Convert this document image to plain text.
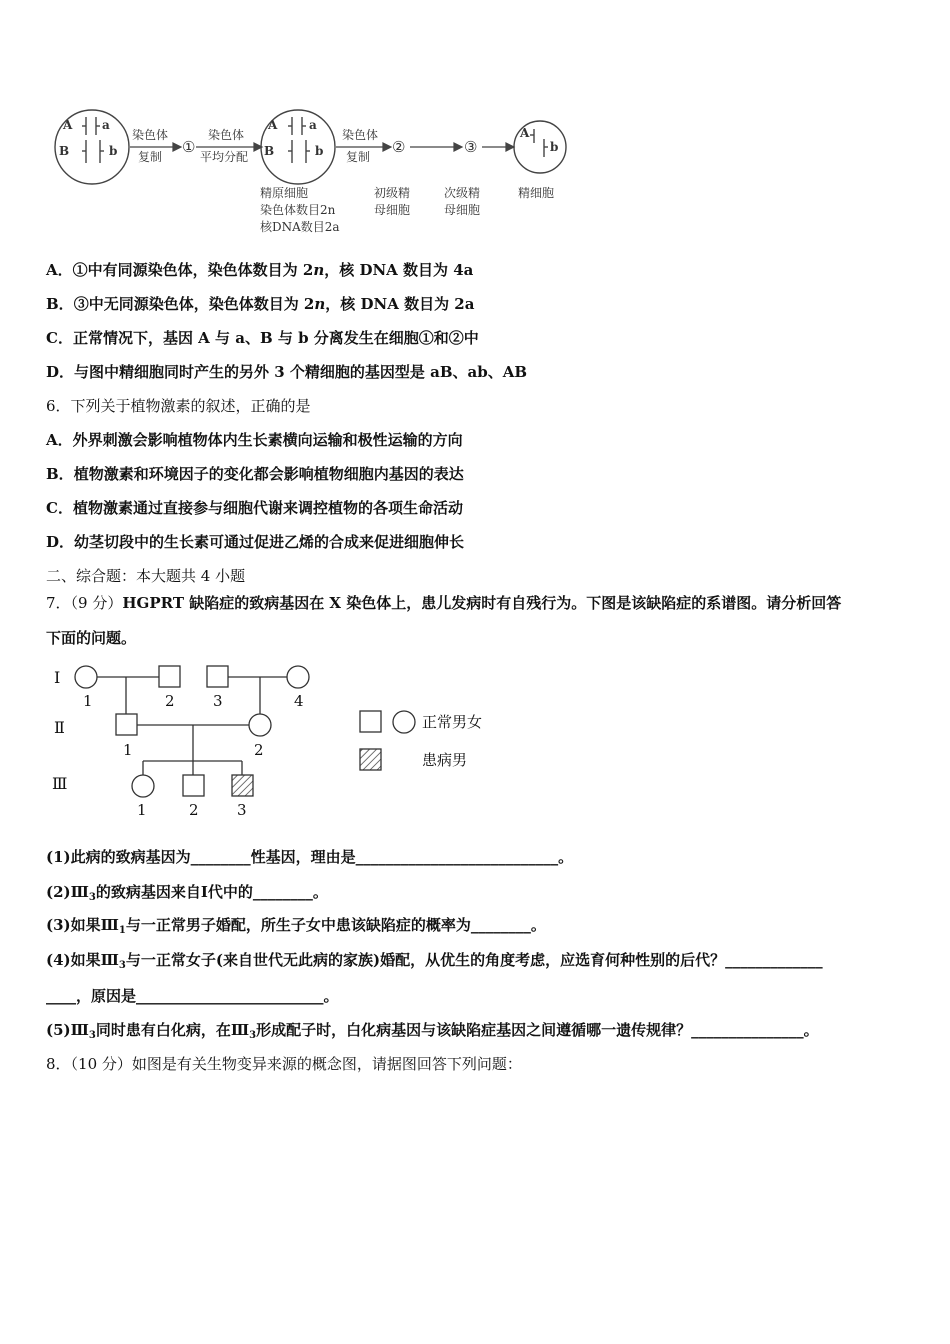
A a
B	b
A	a
B	b
A
b
染色体
复制
①
染色体
平均分配
染色体
复制
②	③
精原细胞
染色体数目2n
核DNA数目2a
初级精
母细胞
次级精
母细胞
精细胞
A．①中有同源染色体，染色体数目为 2n，核 DNA 数目为 4a
B．③中无同源染色体，染色体数目为 2n，核 DNA 数目为 2a
C．正常情况下，基因 A 与 a、B 与 b 分离发生在细胞①和②中
D．与图中精细胞同时产生的另外 3 个精细胞的基因型是 aB、ab、AB
6．下列关于植物激素的叙述，正确的是
A．外界刺激会影响植物体内生长素横向运输和极性运输的方向
B．植物激素和环境因子的变化都会影响植物细胞内基因的表达
C．植物激素通过直接参与细胞代谢来调控植物的各项生命活动
D．幼茎切段中的生长素可通过促进乙烯的合成来促进细胞伸长
二、综合题：本大题共 4 小题
7．（9 分）HGPRT 缺陷症的致病基因在 X 染色体上，患儿发病时有自残行为。下图是该缺陷症的系谱图。请分析回答
下面的问题。
Ⅰ
Ⅱ
Ⅲ
1	2	3	4
1	2
1	2	3
正常男女
患病男
(1)此病的致病基因为________性基因，理由是___________________________。
$(2)Ⅲ_3$的致病基因来自Ⅰ代中的________。
(3)如果$Ⅲ_1$与一正常男子婚配，所生子女中患该缺陷症的概率为________。
(4)如果$Ⅲ_3$与一正常女子(来自世代无此病的家族)婚配，从优生的角度考虑，应选育何种性别的后代？_____________
____，原因是_________________________。
$(5)Ⅲ_3$同时患有白化病，在$Ⅲ_3$形成配子时，白化病基因与该缺陷症基因之间遵循哪一遗传规律？_______________。
8．（10 分）如图是有关生物变异来源的概念图，请据图回答下列问题：
